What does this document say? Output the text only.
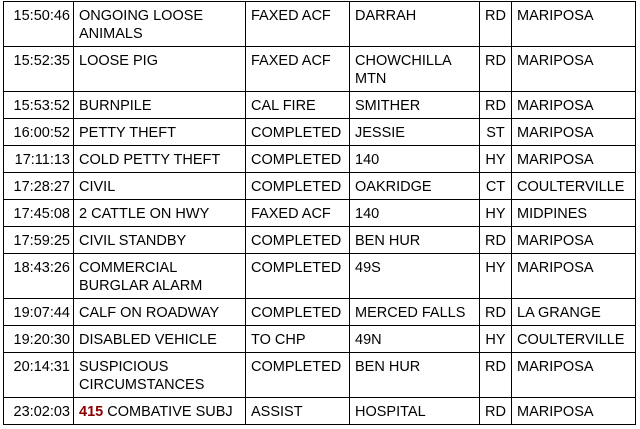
15:50:46	ONGOING LOOSE ANIMALS	FAXED ACF	DARRAH	RD	MARIPOSA
15:52:35	LOOSE PIG	FAXED ACF	CHOWCHILLA MTN	RD	MARIPOSA
15:53:52	BURNPILE	CAL FIRE	SMITHER	RD	MARIPOSA
16:00:52	PETTY THEFT	COMPLETED	JESSIE	ST	MARIPOSA
17:11:13	COLD PETTY THEFT	COMPLETED	140	HY	MARIPOSA
17:28:27	CIVIL	COMPLETED	OAKRIDGE	CT	COULTERVILLE
17:45:08	2 CATTLE ON HWY	FAXED ACF	140	HY	MIDPINES
17:59:25	CIVIL STANDBY	COMPLETED	BEN HUR	RD	MARIPOSA
18:43:26	COMMERCIAL BURGLAR ALARM	COMPLETED	49S	HY	MARIPOSA
19:07:44	CALF ON ROADWAY	COMPLETED	MERCED FALLS	RD	LA GRANGE
19:20:30	DISABLED VEHICLE	TO CHP	49N	HY	COULTERVILLE
20:14:31	SUSPICIOUS CIRCUMSTANCES	COMPLETED	BEN HUR	RD	MARIPOSA
23:02:03	415 COMBATIVE SUBJ	ASSIST	HOSPITAL	RD	MARIPOSA
